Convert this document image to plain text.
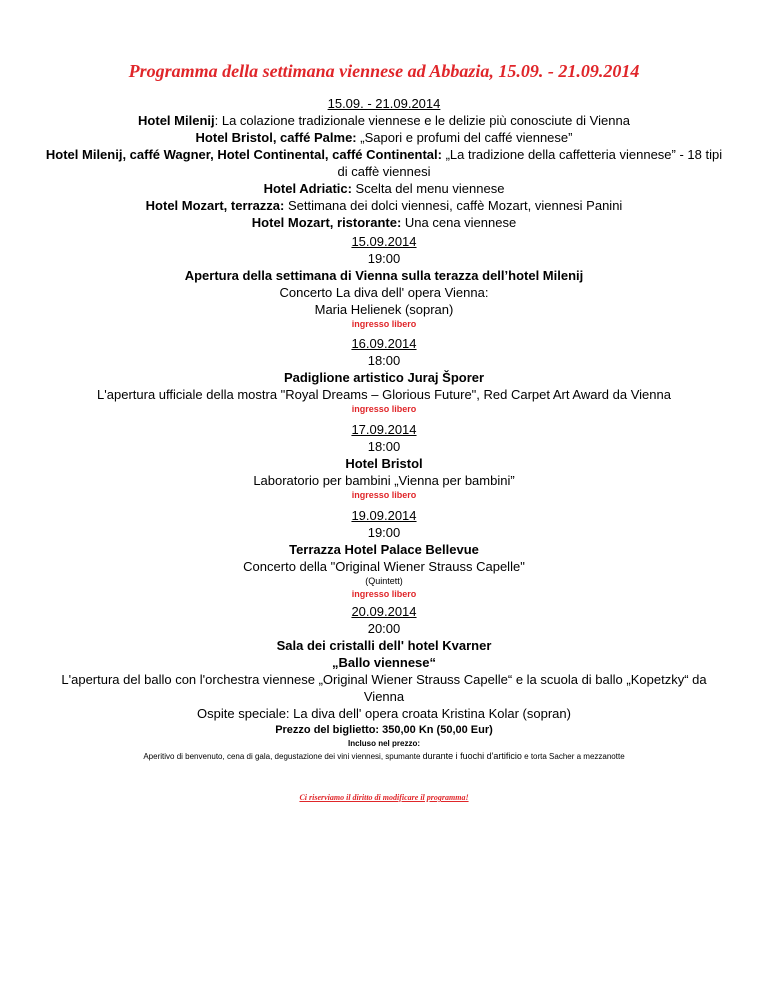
Programma della settimana viennese ad Abbazia, 15.09. - 21.09.2014

15.09. - 21.09.2014

Hotel Milenij: La colazione tradizionale viennese e le delizie più conosciute di Vienna

Hotel Bristol, caffé Palme: „Sapori e profumi del caffé viennese”

Hotel Milenij, caffé Wagner, Hotel Continental, caffé Continental: „La tradizione della caffetteria viennese” - 18 tipi

di caffè viennesi

Hotel Adriatic: Scelta del menu viennese

Hotel Mozart, terrazza: Settimana dei dolci viennesi, caffè Mozart, viennesi Panini

Hotel Mozart, ristorante: Una cena viennese

15.09.2014

19:00

Apertura della settimana di Vienna sulla terazza dell’hotel Milenij

Concerto La diva dell' opera Vienna:

Maria Helienek (sopran)

ingresso libero

16.09.2014

18:00

Padiglione artistico Juraj Šporer

L'apertura ufficiale della mostra "Royal Dreams – Glorious Future", Red Carpet Art Award da Vienna

ingresso libero

17.09.2014

18:00

Hotel Bristol

Laboratorio per bambini „Vienna per bambini”

ingresso libero

19.09.2014

19:00

Terrazza Hotel Palace Bellevue

Concerto della "Original Wiener Strauss Capelle"

(Quintett)

ingresso libero

20.09.2014

20:00

Sala dei cristalli dell' hotel Kvarner

„Ballo viennese“

L'apertura del ballo con l'orchestra viennese „Original Wiener Strauss Capelle“ e la scuola di ballo „Kopetzky“ da

Vienna

Ospite speciale: La diva dell' opera croata Kristina Kolar (sopran)

Prezzo del biglietto: 350,00 Kn (50,00 Eur)

Incluso nel prezzo:

Aperitivo di benvenuto, cena di gala, degustazione dei vini viennesi, spumante durante i fuochi d'artificio e torta Sacher a mezzanotte

Ci riserviamo il diritto di modificare il programma!
